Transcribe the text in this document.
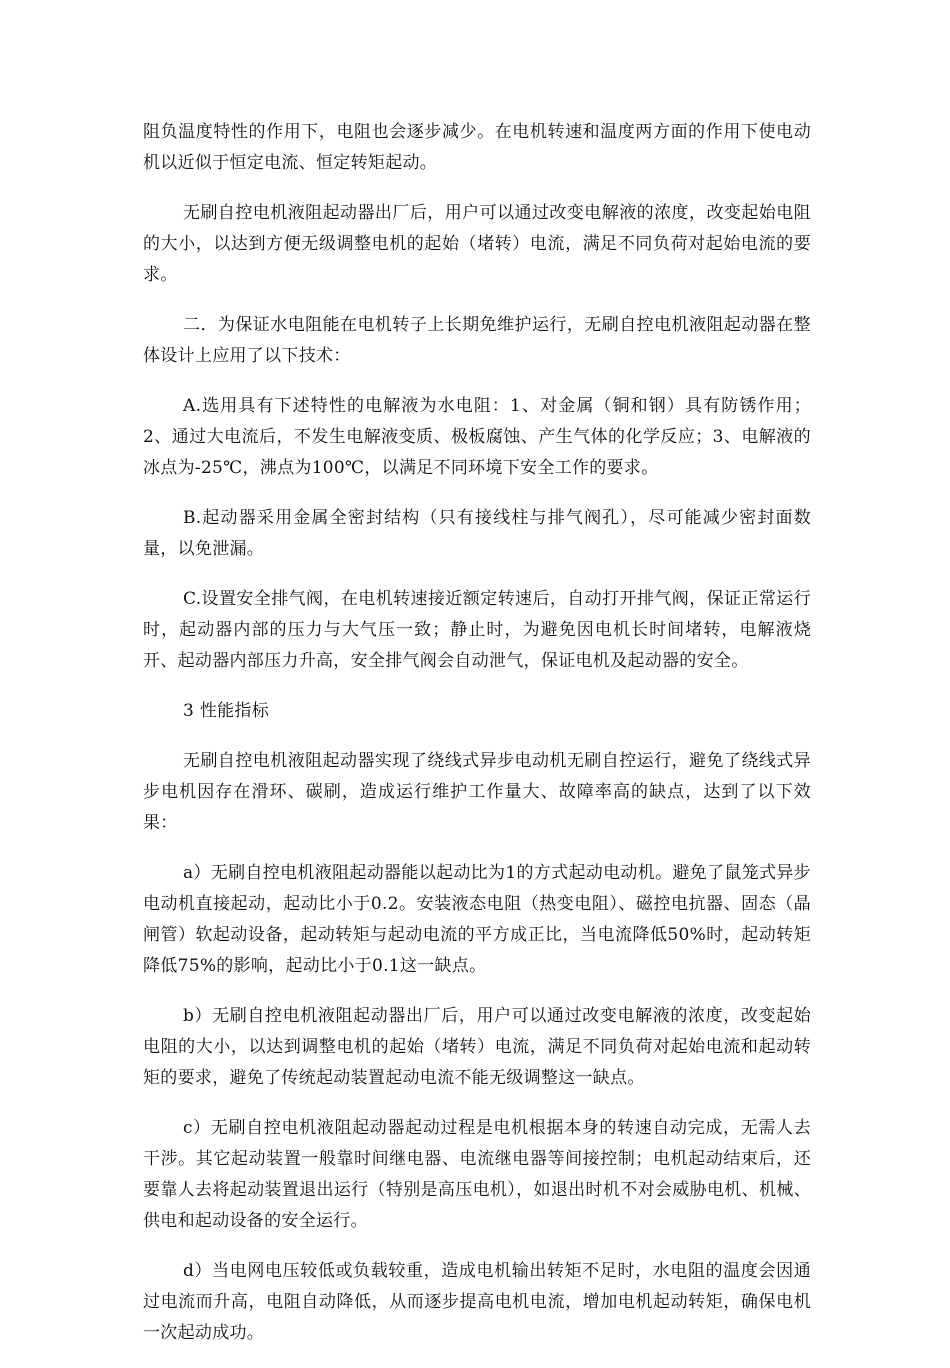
阻负温度特性的作用下，电阻也会逐步减少。在电机转速和温度两方面的作用下使电动机以近似于恒定电流、恒定转矩起动。

无刷自控电机液阻起动器出厂后，用户可以通过改变电解液的浓度，改变起始电阻的大小，以达到方便无级调整电机的起始（堵转）电流，满足不同负荷对起始电流的要求。

二．为保证水电阻能在电机转子上长期免维护运行，无刷自控电机液阻起动器在整体设计上应用了以下技术：

A.选用具有下述特性的电解液为水电阻：1、对金属（铜和钢）具有防锈作用；2、通过大电流后，不发生电解液变质、极板腐蚀、产生气体的化学反应；3、电解液的冰点为-25℃，沸点为100℃，以满足不同环境下安全工作的要求。

B.起动器采用金属全密封结构（只有接线柱与排气阀孔），尽可能减少密封面数量，以免泄漏。

C.设置安全排气阀，在电机转速接近额定转速后，自动打开排气阀，保证正常运行时，起动器内部的压力与大气压一致；静止时，为避免因电机长时间堵转，电解液烧开、起动器内部压力升高，安全排气阀会自动泄气，保证电机及起动器的安全。

3 性能指标

无刷自控电机液阻起动器实现了绕线式异步电动机无刷自控运行，避免了绕线式异步电机因存在滑环、碳刷，造成运行维护工作量大、故障率高的缺点，达到了以下效果：

a）无刷自控电机液阻起动器能以起动比为1的方式起动电动机。避免了鼠笼式异步电动机直接起动，起动比小于0.2。安装液态电阻（热变电阻）、磁控电抗器、固态（晶闸管）软起动设备，起动转矩与起动电流的平方成正比，当电流降低50%时，起动转矩降低75%的影响，起动比小于0.1这一缺点。

b）无刷自控电机液阻起动器出厂后，用户可以通过改变电解液的浓度，改变起始电阻的大小，以达到调整电机的起始（堵转）电流，满足不同负荷对起始电流和起动转矩的要求，避免了传统起动装置起动电流不能无级调整这一缺点。

c）无刷自控电机液阻起动器起动过程是电机根据本身的转速自动完成，无需人去干涉。其它起动装置一般靠时间继电器、电流继电器等间接控制；电机起动结束后，还要靠人去将起动装置退出运行（特别是高压电机），如退出时机不对会威胁电机、机械、供电和起动设备的安全运行。

d）当电网电压较低或负载较重，造成电机输出转矩不足时，水电阻的温度会因通过电流而升高，电阻自动降低，从而逐步提高电机电流，增加电机起动转矩，确保电机一次起动成功。
